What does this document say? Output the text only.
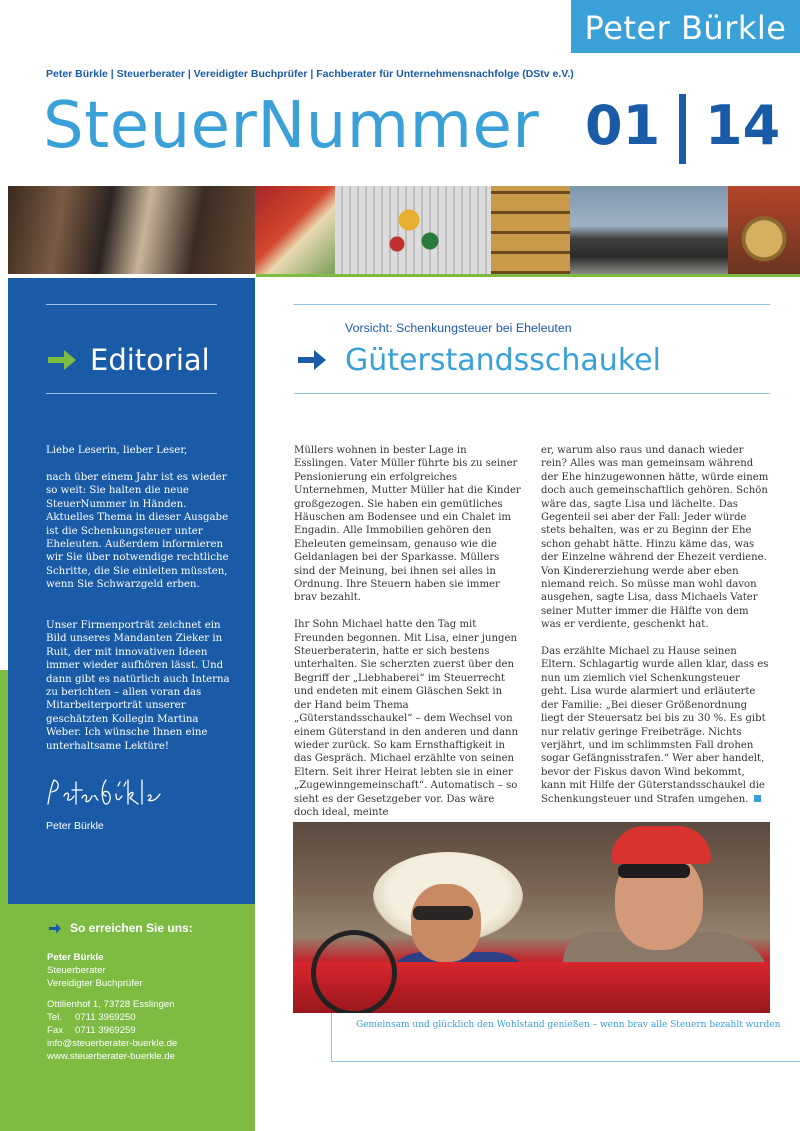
Peter Bürkle
Peter Bürkle | Steuerberater | Vereidigter Buchprüfer | Fachberater für Unternehmensnachfolge (DStv e.V.)
SteuerNummer 01 14
Editorial
Liebe Leserin, lieber Leser,
nach über einem Jahr ist es wieder so weit: Sie halten die neue SteuerNummer in Händen. Aktuelles Thema in dieser Ausgabe ist die Schenkungsteuer unter Eheleuten. Außerdem informieren wir Sie über notwendige rechtliche Schritte, die Sie einleiten müssten, wenn Sie Schwarzgeld erben.
Unser Firmenporträt zeichnet ein Bild unseres Mandanten Zieker in Ruit, der mit innovativen Ideen immer wieder aufhören lässt. Und dann gibt es natürlich auch Interna zu berichten – allen voran das Mitarbeiterporträt unserer geschätzten Kollegin Martina Weber. Ich wünsche Ihnen eine unterhaltsame Lektüre!
Peter Bürkle
So erreichen Sie uns:
Peter Bürkle
Steuerberater
Vereidigter Buchprüfer
Ottilienhof 1, 73728 Esslingen
Tel. 0711 3969250
Fax 0711 3969259
info@steuerberater-buerkle.de
www.steuerberater-buerkle.de
Vorsicht: Schenkungsteuer bei Eheleuten
Güterstandsschaukel

Müllers wohnen in bester Lage in Esslingen. Vater Müller führte bis zu seiner Pensionierung ein erfolgreiches Unternehmen, Mutter Müller hat die Kinder großgezogen. Sie haben ein gemütliches Häuschen am Bodensee und ein Chalet im Engadin. Alle Immobilien gehören den Eheleuten gemeinsam, genauso wie die Geldanlagen bei der Sparkasse. Müllers sind der Meinung, bei ihnen sei alles in Ordnung. Ihre Steuern haben sie immer brav bezahlt.

Ihr Sohn Michael hatte den Tag mit Freunden begonnen. Mit Lisa, einer jungen Steuerberaterin, hatte er sich bestens unterhalten. Sie scherzten zuerst über den Begriff der „Liebhaberei“ im Steuerrecht und endeten mit einem Gläschen Sekt in der Hand beim Thema „Güterstandsschaukel“ – dem Wechsel von einem Güterstand in den anderen und dann wieder zurück. So kam Ernsthaftigkeit in das Gespräch. Michael erzählte von seinen Eltern. Seit ihrer Heirat lebten sie in einer „Zugewinngemeinschaft“. Automatisch – so sieht es der Gesetzgeber vor. Das wäre doch ideal, meinte

er, warum also raus und danach wieder rein? Alles was man gemeinsam während der Ehe hinzugewonnen hätte, würde einem doch auch gemeinschaftlich gehören. Schön wäre das, sagte Lisa und lächelte. Das Gegenteil sei aber der Fall: Jeder würde stets behalten, was er zu Beginn der Ehe schon gehabt hätte. Hinzu käme das, was der Einzelne während der Ehezeit verdiene. Von Kindererziehung werde aber eben niemand reich. So müsse man wohl davon ausgehen, sagte Lisa, dass Michaels Vater seiner Mutter immer die Hälfte von dem was er verdiente, geschenkt hat.

Das erzählte Michael zu Hause seinen Eltern. Schlagartig wurde allen klar, dass es nun um ziemlich viel Schenkungsteuer geht. Lisa wurde alarmiert und erläuterte der Familie: „Bei dieser Größenordnung liegt der Steuersatz bei bis zu 30 %. Es gibt nur relativ geringe Freibeträge. Nichts verjährt, und im schlimmsten Fall drohen sogar Gefängnisstrafen.“ Wer aber handelt, bevor der Fiskus davon Wind bekommt, kann mit Hilfe der Güterstandsschaukel die Schenkungsteuer und Strafen umgehen.

Gemeinsam und glücklich den Wohlstand genießen – wenn brav alle Steuern bezahlt wurden
